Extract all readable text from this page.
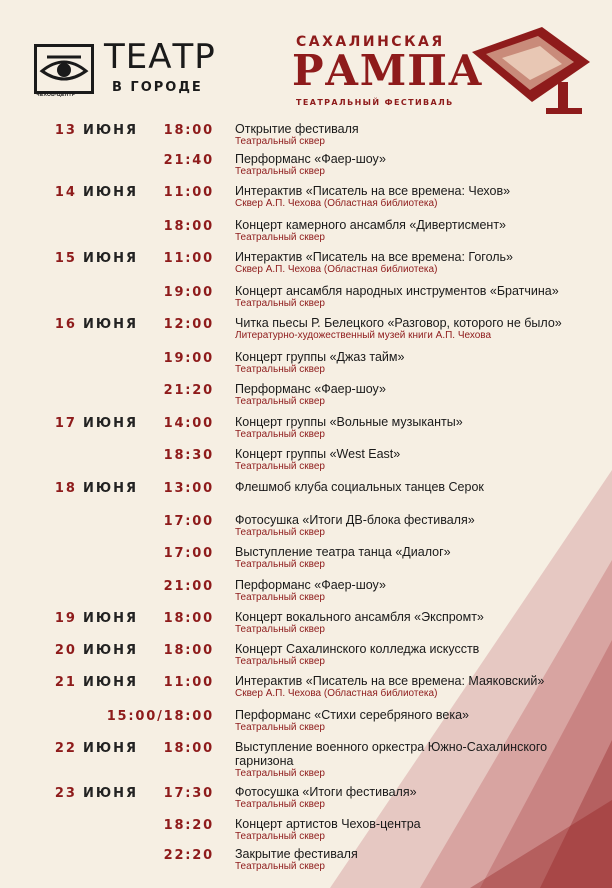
ЧЕХОВ-ЦЕНТР
ТЕАТР
В ГОРОДЕ
САХАЛИНСКАЯ
РАМПА
ТЕАТРАЛЬНЫЙ ФЕСТИВАЛЬ
13 ИЮНЯ	18:00 Открытие фестиваля
Театральный сквер
21:40 Перформанс «Фаер-шоу»
Театральный сквер
14 ИЮНЯ	11:00 Интерактив «Писатель на все времена: Чехов»
Сквер А.П. Чехова (Областная библиотека)
18:00 Концерт камерного ансамбля «Дивертисмент»
Театральный сквер
15 ИЮНЯ	11:00 Интерактив «Писатель на все времена: Гоголь»
Сквер А.П. Чехова (Областная библиотека)
19:00 Концерт ансамбля народных инструментов «Братчина»
Театральный сквер
16 ИЮНЯ	12:00 Читка пьесы Р. Белецкого «Разговор, которого не было»
Литературно-художественный музей книги А.П. Чехова
19:00 Концерт группы «Джаз тайм»
Театральный сквер
21:20 Перформанс «Фаер-шоу»
Театральный сквер
17 ИЮНЯ	14:00 Концерт группы «Вольные музыканты»
Театральный сквер
18:30 Концерт группы «West East»
Театральный сквер
18 ИЮНЯ	13:00 Флешмоб клуба социальных танцев Серок
17:00 Фотосушка «Итоги ДВ-блока фестиваля»
Театральный сквер
17:00 Выступление театра танца «Диалог»
Театральный сквер
21:00 Перформанс «Фаер-шоу»
Театральный сквер
19 ИЮНЯ	18:00 Концерт вокального ансамбля «Экспромт»
Театральный сквер
20 ИЮНЯ	18:00 Концерт Сахалинского колледжа искусств
Театральный сквер
21 ИЮНЯ	11:00 Интерактив «Писатель на все времена: Маяковский»
Сквер А.П. Чехова (Областная библиотека)
15:00/18:00 Перформанс «Стихи серебряного века»
Театральный сквер
22 ИЮНЯ	18:00 Выступление военного оркестра Южно-Сахалинского гарнизона
Театральный сквер
23 ИЮНЯ	17:30 Фотосушка «Итоги фестиваля»
Театральный сквер
18:20 Концерт артистов Чехов-центра
Театральный сквер
22:20 Закрытие фестиваля
Театральный сквер
